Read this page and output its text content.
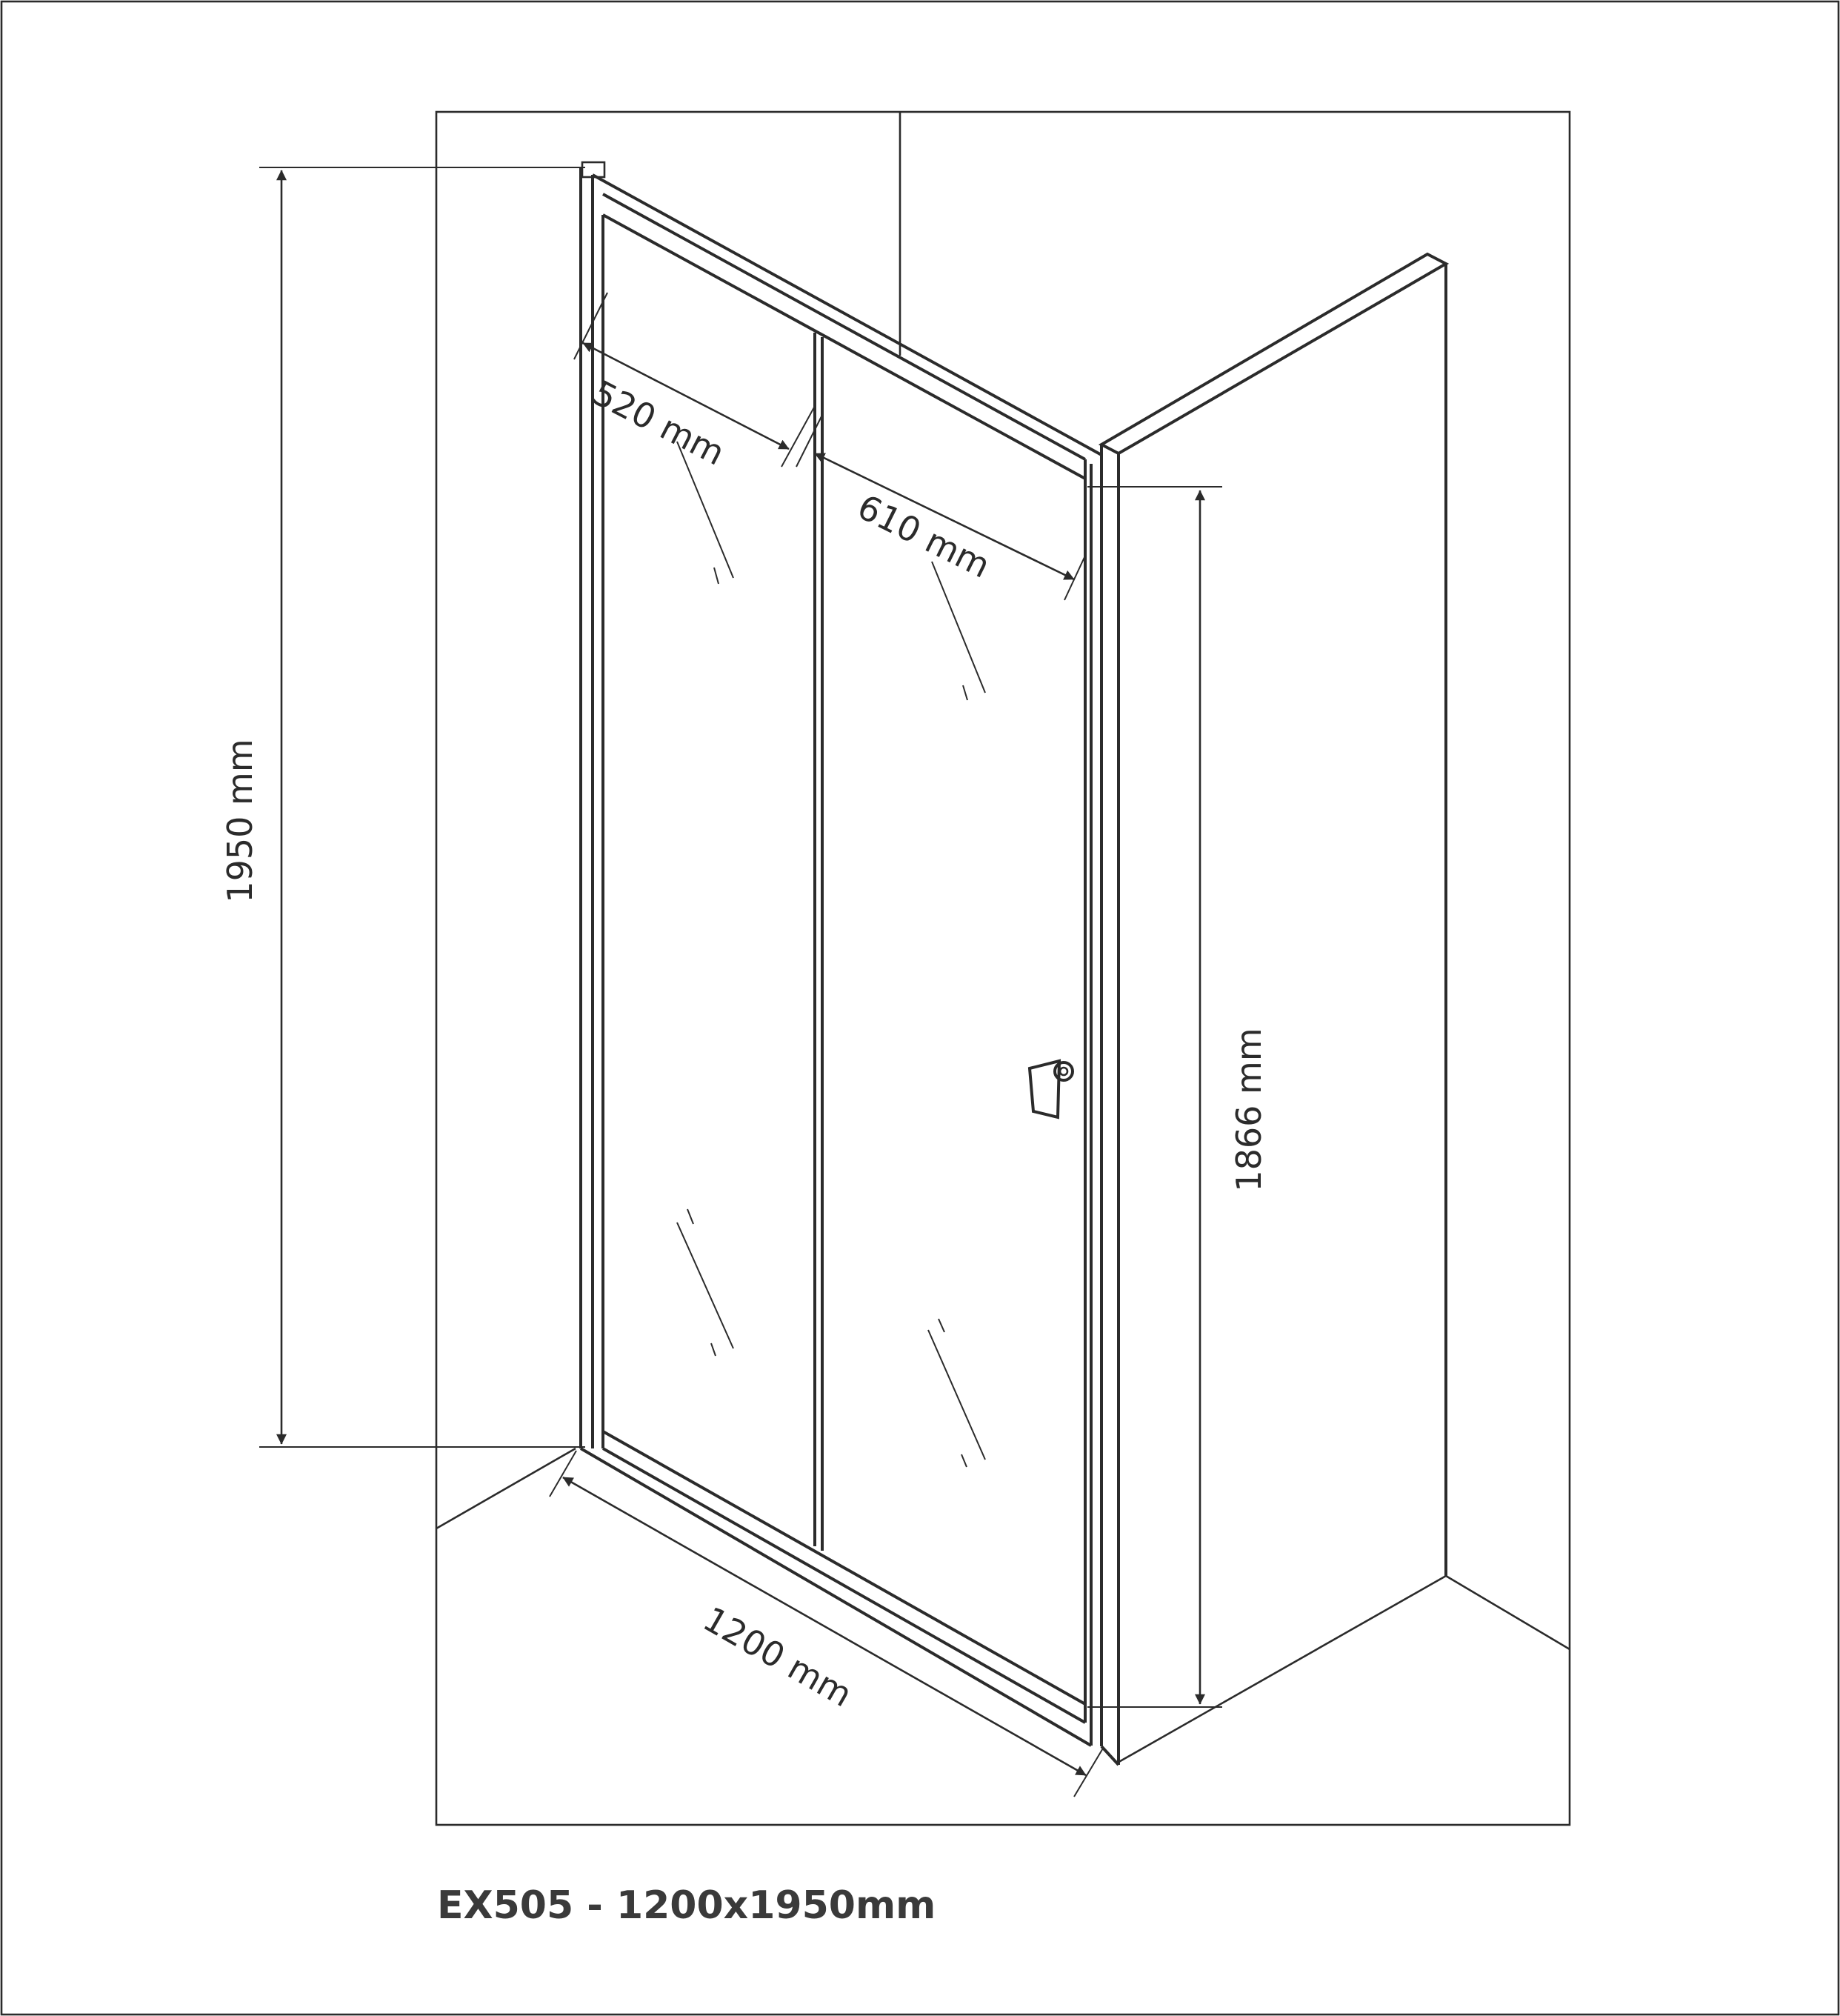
1950 mm
1866 mm
520 mm
610 mm
1200 mm
EX505 - 1200x1950mm
